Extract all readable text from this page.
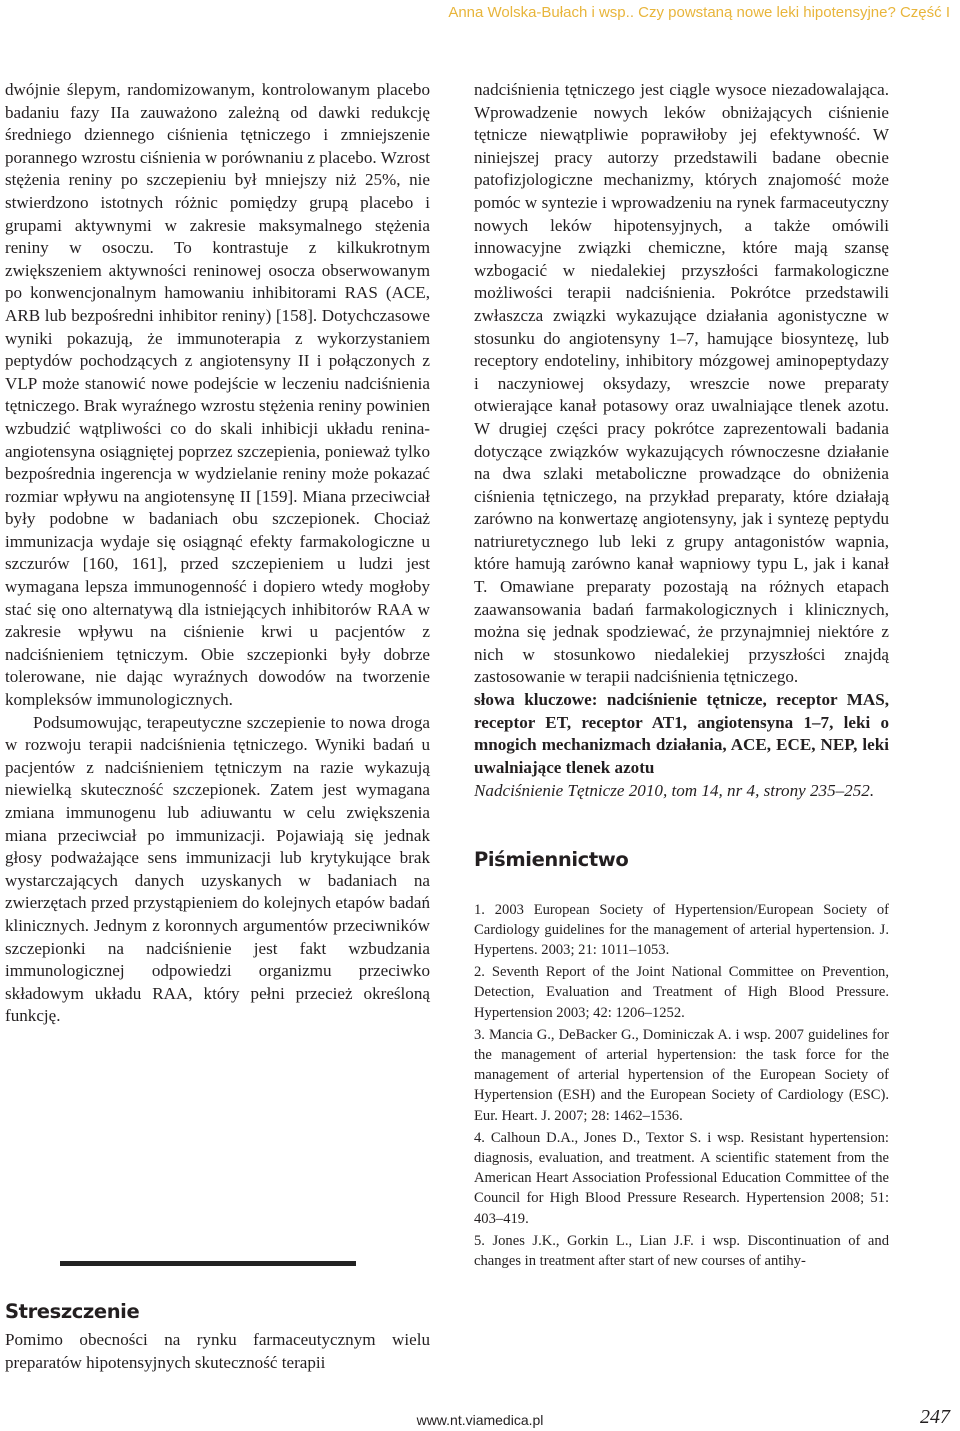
Anna Wolska-Bułach i wsp.. Czy powstaną nowe leki hipotensyjne? Część I

dwójnie ślepym, randomizowanym, kontrolowanym placebo badaniu fazy IIa zauważono zależną od dawki redukcję średniego dziennego ciśnienia tętniczego i zmniejszenie porannego wzrostu ciśnienia w porównaniu z placebo. Wzrost stężenia reniny po szczepieniu był mniejszy niż 25%, nie stwierdzono istotnych różnic pomiędzy grupą placebo i grupami aktywnymi w zakresie maksymalnego stężenia reniny w osoczu. To kontrastuje z kilkukrotnym zwiększeniem aktywności reninowej osocza obserwowanym po konwencjonalnym hamowaniu inhibitorami RAS (ACE, ARB lub bezpośredni inhibitor reniny) [158]. Dotychczasowe wyniki pokazują, że immunoterapia z wykorzystaniem peptydów pochodzących z angiotensyny II i połączonych z VLP może stanowić nowe podejście w leczeniu nadciśnienia tętniczego. Brak wyraźnego wzrostu stężenia reniny powinien wzbudzić wątpliwości co do skali inhibicji układu renina-angiotensyna osiągniętej poprzez szczepienia, ponieważ tylko bezpośrednia ingerencja w wydzielanie reniny może pokazać rozmiar wpływu na angiotensynę II [159]. Miana przeciwciał były podobne w badaniach obu szczepionek. Chociaż immunizacja wydaje się osiągnąć efekty farmakologiczne u szczurów [160, 161], przed szczepieniem u ludzi jest wymagana lepsza immunogenność i dopiero wtedy mogłoby stać się ono alternatywą dla istniejących inhibitorów RAA w zakresie wpływu na ciśnienie krwi u pacjentów z nadciśnieniem tętniczym. Obie szczepionki były dobrze tolerowane, nie dając wyraźnych dowodów na tworzenie kompleksów immunologicznych.

Podsumowując, terapeutyczne szczepienie to nowa droga w rozwoju terapii nadciśnienia tętniczego. Wyniki badań u pacjentów z nadciśnieniem tętniczym na razie wykazują niewielką skuteczność szczepionek. Zatem jest wymagana zmiana immunogenu lub adiuwantu w celu zwiększenia miana przeciwciał po immunizacji. Pojawiają się jednak głosy podważające sens immunizacji lub krytykujące brak wystarczających danych uzyskanych w badaniach na zwierzętach przed przystąpieniem do kolejnych etapów badań klinicznych. Jednym z koronnych argumentów przeciwników szczepionki na nadciśnienie jest fakt wzbudzania immunologicznej odpowiedzi organizmu przeciwko składowym układu RAA, który pełni przecież określoną funkcję.

Streszczenie
Pomimo obecności na rynku farmaceutycznym wielu preparatów hipotensyjnych skuteczność terapii

nadciśnienia tętniczego jest ciągle wysoce niezadowalająca. Wprowadzenie nowych leków obniżających ciśnienie tętnicze niewątpliwie poprawiłoby jej efektywność. W niniejszej pracy autorzy przedstawili badane obecnie patofizjologiczne mechanizmy, których znajomość może pomóc w syntezie i wprowadzeniu na rynek farmaceutyczny nowych leków hipotensyjnych, a także omówili innowacyjne związki chemiczne, które mają szansę wzbogacić w niedalekiej przyszłości farmakologiczne możliwości terapii nadciśnienia. Pokrótce przedstawili zwłaszcza związki wykazujące działania agonistyczne w stosunku do angiotensyny 1–7, hamujące biosyntezę, lub receptory endoteliny, inhibitory mózgowej aminopeptydazy i naczyniowej oksydazy, wreszcie nowe preparaty otwierające kanał potasowy oraz uwalniające tlenek azotu. W drugiej części pracy pokrótce zaprezentowali badania dotyczące związków wykazujących równoczesne działanie na dwa szlaki metaboliczne prowadzące do obniżenia ciśnienia tętniczego, na przykład preparaty, które działają zarówno na konwertazę angiotensyny, jak i syntezę peptydu natriuretycznego lub leki z grupy antagonistów wapnia, które hamują zarówno kanał wapniowy typu L, jak i kanał T. Omawiane preparaty pozostają na różnych etapach zaawansowania badań farmakologicznych i klinicznych, można się jednak spodziewać, że przynajmniej niektóre z nich w stosunkowo niedalekiej przyszłości znajdą zastosowanie w terapii nadciśnienia tętniczego.

słowa kluczowe: nadciśnienie tętnicze, receptor MAS, receptor ET, receptor AT1, angiotensyna 1–7, leki o mnogich mechanizmach działania, ACE, ECE, NEP, leki uwalniające tlenek azotu

Nadciśnienie Tętnicze 2010, tom 14, nr 4, strony 235–252.

Piśmiennictwo

1. 2003 European Society of Hypertension/European Society of Cardiology guidelines for the management of arterial hypertension. J. Hypertens. 2003; 21: 1011–1053.
2. Seventh Report of the Joint National Committee on Prevention, Detection, Evaluation and Treatment of High Blood Pressure. Hypertension 2003; 42: 1206–1252.
3. Mancia G., DeBacker G., Dominiczak A. i wsp. 2007 guidelines for the management of arterial hypertension: the task force for the management of arterial hypertension of the European Society of Hypertension (ESH) and the European Society of Cardiology (ESC). Eur. Heart. J. 2007; 28: 1462–1536.
4. Calhoun D.A., Jones D., Textor S. i wsp. Resistant hypertension: diagnosis, evaluation, and treatment. A scientific statement from the American Heart Association Professional Education Committee of the Council for High Blood Pressure Research. Hypertension 2008; 51: 403–419.
5. Jones J.K., Gorkin L., Lian J.F. i wsp. Discontinuation of and changes in treatment after start of new courses of antihy-
www.nt.viamedica.pl	247
